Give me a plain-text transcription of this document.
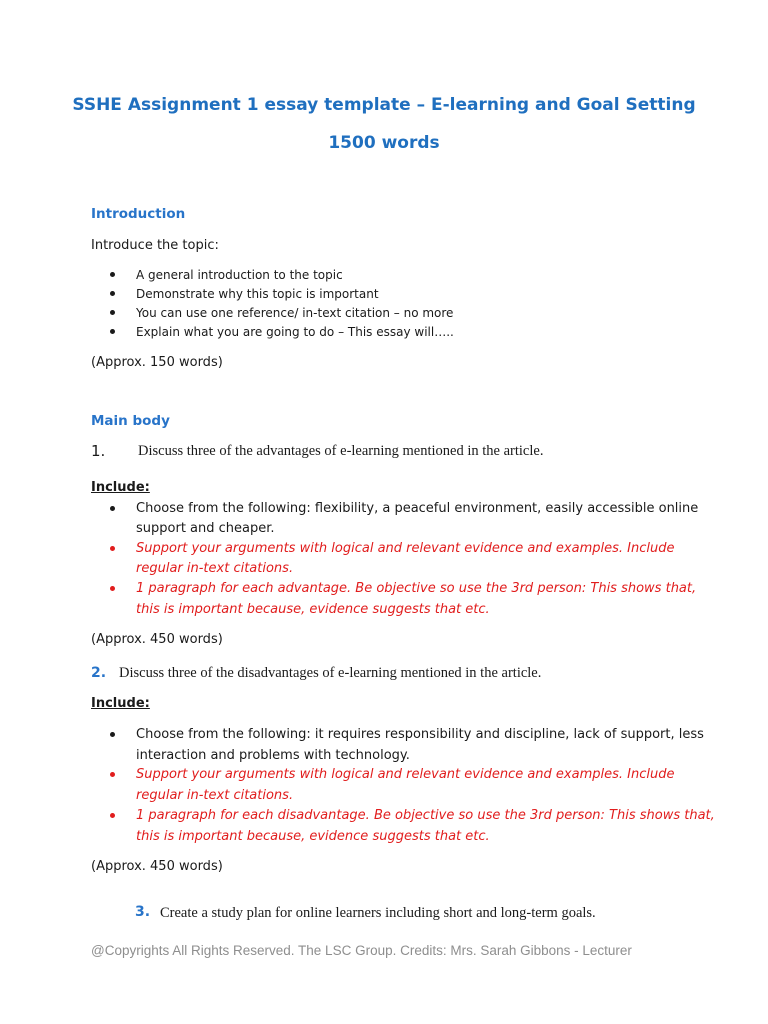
SSHE Assignment 1 essay template – E-learning and Goal Setting
1500 words
Introduction
Introduce the topic:
A general introduction to the topic
Demonstrate why this topic is important
You can use one reference/ in-text citation – no more
Explain what you are going to do – This essay will…..
(Approx. 150 words)
Main body
1. Discuss three of the advantages of e-learning mentioned in the article.
Include:
Choose from the following: flexibility, a peaceful environment, easily accessible online
support and cheaper.
Support your arguments with logical and relevant evidence and examples. Include
regular in-text citations.
1 paragraph for each advantage. Be objective so use the 3rd person: This shows that,
this is important because, evidence suggests that etc.
(Approx. 450 words)
2. Discuss three of the disadvantages of e-learning mentioned in the article.
Include:
Choose from the following: it requires responsibility and discipline, lack of support, less
interaction and problems with technology.
Support your arguments with logical and relevant evidence and examples. Include
regular in-text citations.
1 paragraph for each disadvantage. Be objective so use the 3rd person: This shows that,
this is important because, evidence suggests that etc.
(Approx. 450 words)
3. Create a study plan for online learners including short and long-term goals.
@Copyrights All Rights Reserved. The LSC Group. Credits: Mrs. Sarah Gibbons - Lecturer
